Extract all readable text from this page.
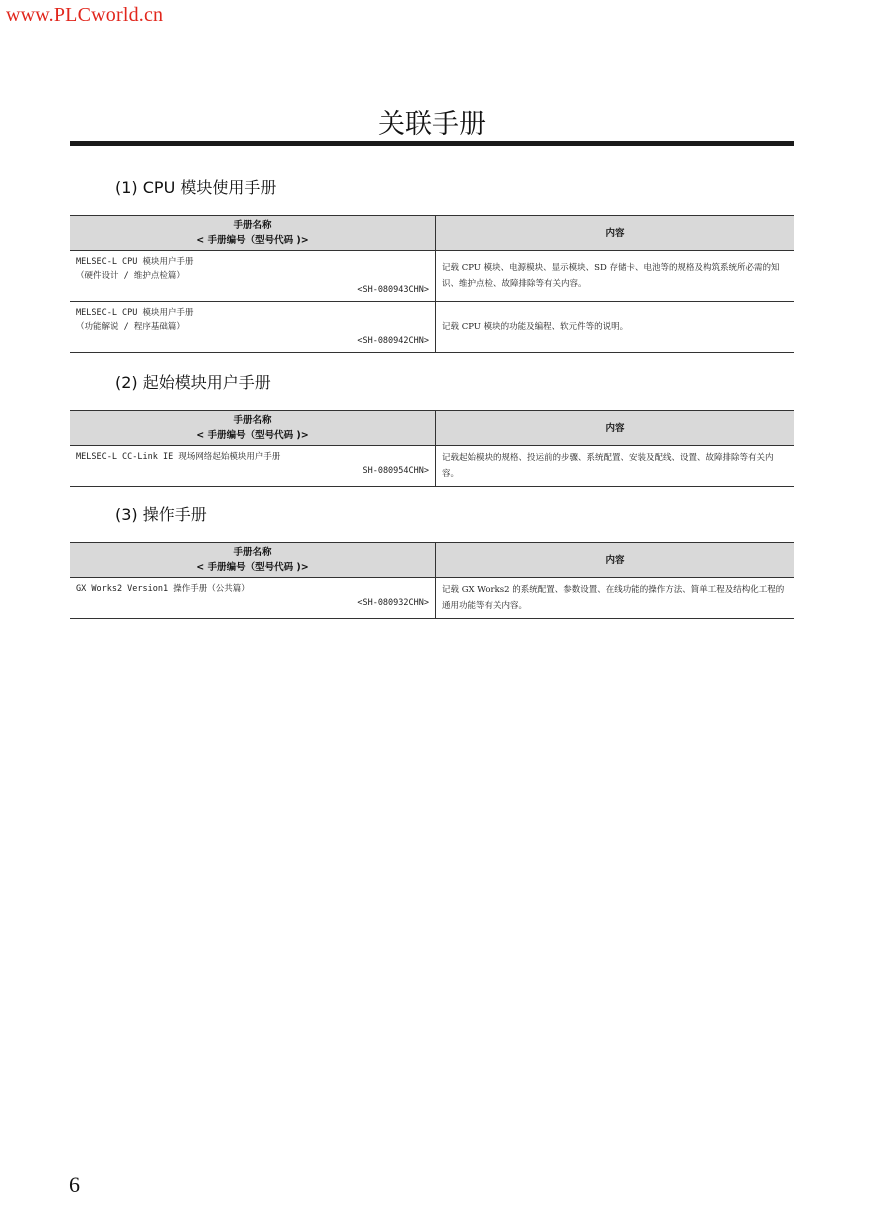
www.PLCworld.cn
关联手册
(1) CPU 模块使用手册
手册名称
< 手册编号（型号代码 )>	内容

MELSEC-L CPU 模块用户手册
（硬件设计 / 维护点检篇）
<SH-080943CHN>	记载 CPU 模块、电源模块、显示模块、SD 存储卡、电池等的规格及构筑系统所必需的知识、维护点检、故障排除等有关内容。

MELSEC-L CPU 模块用户手册
（功能解说 / 程序基础篇）
<SH-080942CHN>	记载 CPU 模块的功能及编程、软元件等的说明。
(2) 起始模块用户手册
手册名称
< 手册编号（型号代码 )>	内容

MELSEC-L CC-Link IE 现场网络起始模块用户手册
SH-080954CHN>	记载起始模块的规格、投运前的步骤、系统配置、安装及配线、设置、故障排除等有关内容。
(3) 操作手册
手册名称
< 手册编号（型号代码 )>	内容

GX Works2 Version1 操作手册（公共篇）
<SH-080932CHN>	记载 GX Works2 的系统配置、参数设置、在线功能的操作方法、简单工程及结构化工程的通用功能等有关内容。
6
